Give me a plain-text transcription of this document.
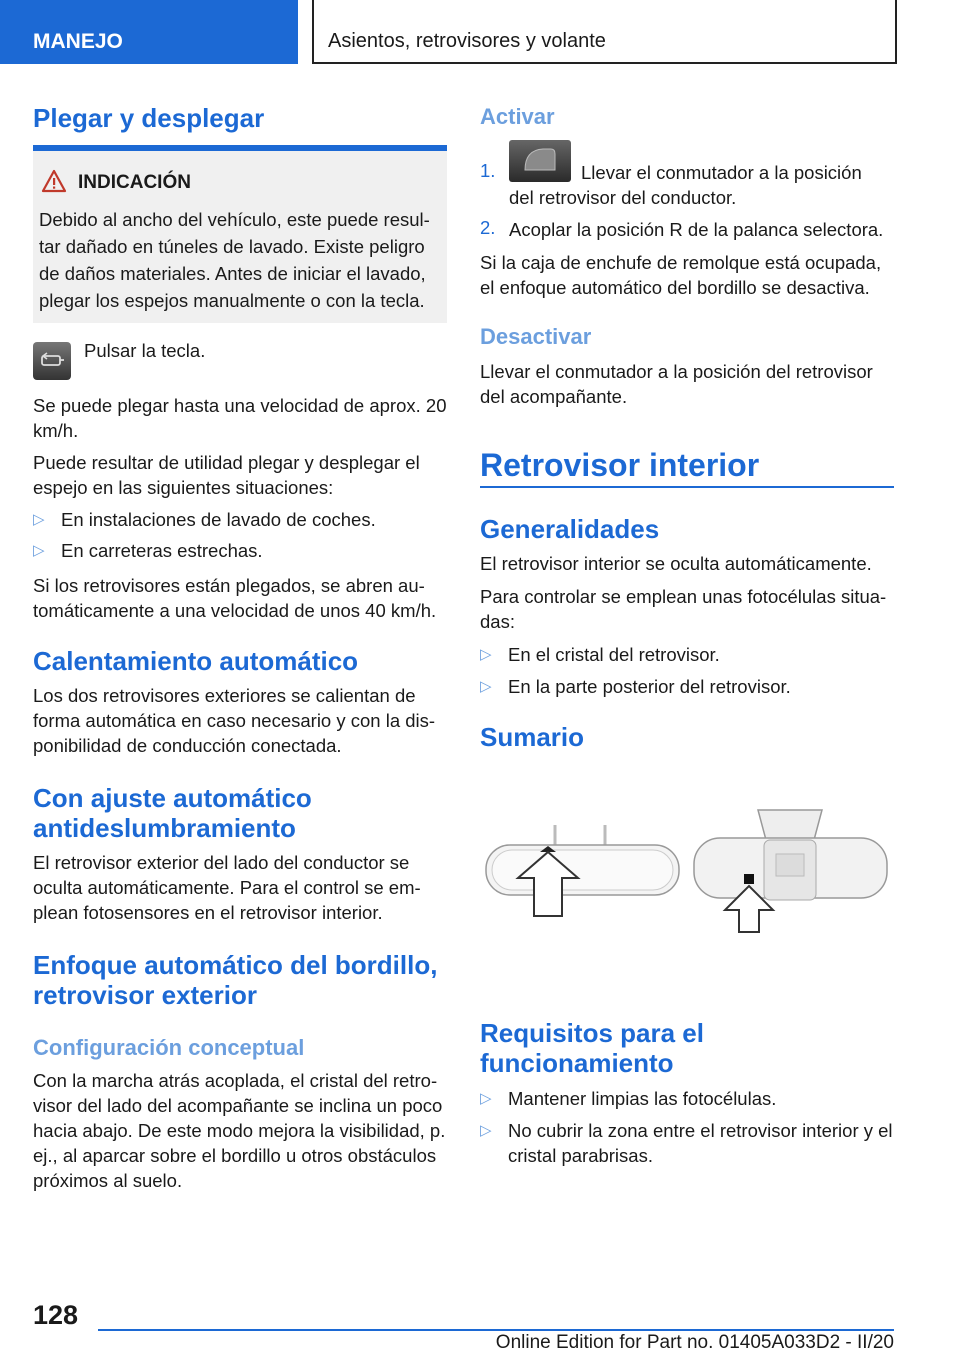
MANEJO	Asientos, retrovisores y volante
Plegar y desplegar
INDICACIÓN
Debido al ancho del vehículo, este puede resultar dañado en túneles de lavado. Existe peligro de daños materiales. Antes de iniciar el lavado, plegar los espejos manualmente o con la tecla.

Pulsar la tecla.

Se puede plegar hasta una velocidad de aprox. 20 km/h.

Puede resultar de utilidad plegar y desplegar el espejo en las siguientes situaciones:

▷ En instalaciones de lavado de coches.
▷ En carreteras estrechas.

Si los retrovisores están plegados, se abren automáticamente a una velocidad de unos 40 km/h.

Calentamiento automático

Los dos retrovisores exteriores se calientan de forma automática en caso necesario y con la disponibilidad de conducción conectada.

Con ajuste automático antideslumbramiento

El retrovisor exterior del lado del conductor se oculta automáticamente. Para el control se emplean fotosensores en el retrovisor interior.

Enfoque automático del bordillo, retrovisor exterior
Configuración conceptual

Con la marcha atrás acoplada, el cristal del retrovisor del lado del acompañante se inclina un poco hacia abajo. De este modo mejora la visibilidad, p. ej., al aparcar sobre el bordillo u otros obstáculos próximos al suelo.

Activar
1.	Llevar el conmutador a la posición

del retrovisor del conductor.

2. Acoplar la posición R de la palanca selectora.

Si la caja de enchufe de remolque está ocupada, el enfoque automático del bordillo se desactiva.

Desactivar

Llevar el conmutador a la posición del retrovisor del acompañante.

Retrovisor interior
Generalidades

El retrovisor interior se oculta automáticamente.

Para controlar se emplean unas fotocélulas situadas:

▷ En el cristal del retrovisor.
▷ En la parte posterior del retrovisor.
Sumario
Requisitos para el funcionamiento
▷ Mantener limpias las fotocélulas.
▷ No cubrir la zona entre el retrovisor interior y el cristal parabrisas.
128
Online Edition for Part no. 01405A033D2 - II/20
